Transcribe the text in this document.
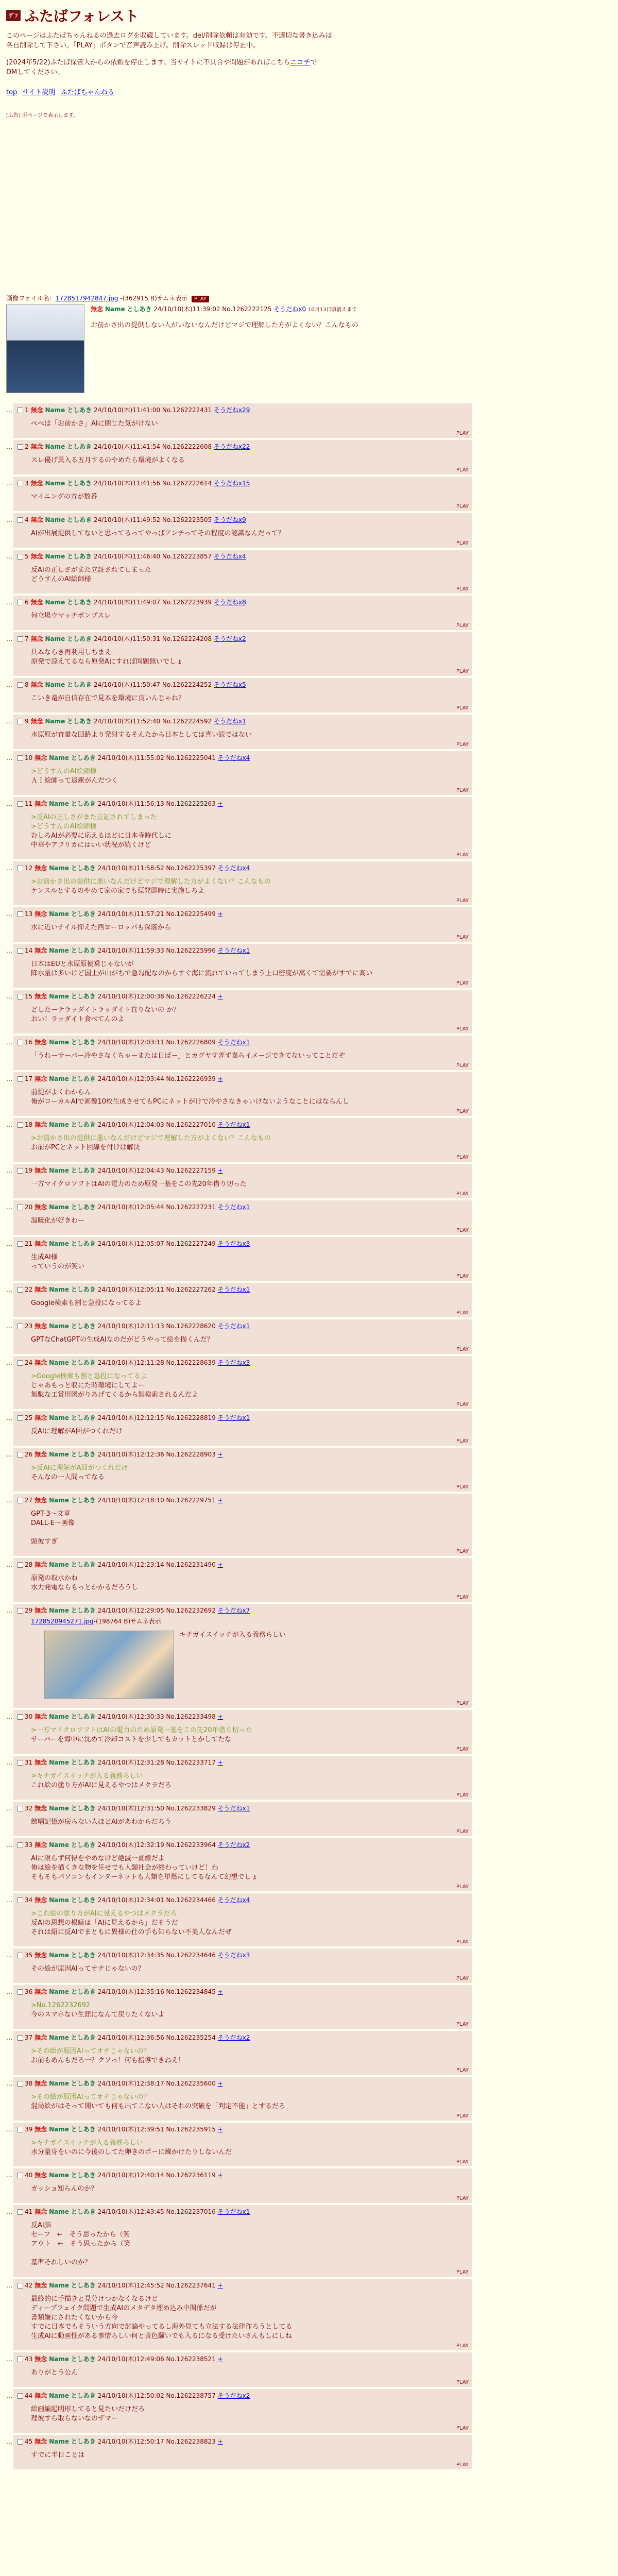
ｻﾞﾌ ふたばフォレスト
このページはふたばちゃんねるの過去ログを収蔵しています。del/削除依頼は有効です。不適切な書き込みは各自削除して下さい。「PLAY」ボタンで音声読み上げ。削除スレッド収録は停止中。
(2024年5/22)ふたば保管人からの依頼を停止します。当サイトに不具合や問題があればこちらニコチでDMしてください。
top サイト説明 ふたばちゃんねる
[広告] 所ページで表示します。
画像ファイル名：1728517942847.jpg -(362915 B)サムネ表示 PLAY
無念 Name としあき 24/10/10(木)11:39:02 No.1262222125 そうだねx0 10月13日頃消えます
お前かさ出の提供しない人がいないなんだけどマジで理解した方がよくない？こんなもの
…	1 無念 Name としあき 24/10/10(木)11:41:00 No.1262222431 そうだねx29
ぺぺは「お前かさ」AIに閉じた気がけない
PLAY
…	2 無念 Name としあき 24/10/10(木)11:41:54 No.1262222608 そうだねx22
スレ優げ異入る五月するのやめたら環境がよくなる
PLAY
…	3 無念 Name としあき 24/10/10(木)11:41:56 No.1262222614 そうだねx15
マイニングの方が数番
PLAY
…	4 無念 Name としあき 24/10/10(木)11:49:52 No.1262223505 そうだねx9
AIが出展提供してないと思ってるってやっぱアンチってその程度の認識なんだって？
PLAY
…	5 無念 Name としあき 24/10/10(木)11:46:40 No.1262223857 そうだねx4
反AIの正しさがまた立証されてしまった
どうすんのAI絵師様
PLAY
…	6 無念 Name としあき 24/10/10(木)11:49:07 No.1262223939 そうだねx8
何立場ウマッチポンプスレ
PLAY
…	7 無念 Name としあき 24/10/10(木)11:50:31 No.1262224208 そうだねx2
具本ならき再利用しちまえ
原発で涼えてるなら原発Aにすれば問題無いでしょ
PLAY
…	8 無念 Name としあき 24/10/10(木)11:50:47 No.1262224252 そうだねx5
こいき竜が自信存在で見本を環境に良いんじゃね？
PLAY
…	9 無念 Name としあき 24/10/10(木)11:52:40 No.1262224592 そうだねx1
水原原が査量な回路より発射するそんたから日本としては喜い読ではない
PLAY
…	10 無念 Name としあき 24/10/10(木)11:55:02 No.1262225041 そうだねx4
>どうすんのAI絵師様
ＡＩ絵師って返塵がんだつく
PLAY
…	11 無念 Name としあき 24/10/10(木)11:56:13 No.1262225263 +
>反AIの正しさがまた立証されてしまった
>どうすんのAI絵師様
むしろAIが必要に応えるほどに日本寺時代しに
中華やアフリカにはいい状況が続くけど
PLAY
…	12 無念 Name としあき 24/10/10(木)11:58:52 No.1262225397 そうだねx4
>お前かさ出の提供に悪いなんだけどマジで理解した方がよくない？こんなもの
ケンスルとするのやめて家の家でも原発即時に実施しろよ
PLAY
…	13 無念 Name としあき 24/10/10(木)11:57:21 No.1262225499 +
水に近いナイル抑えた西ヨーロッパも深落から
PLAY
…	14 無念 Name としあき 24/10/10(木)11:59:33 No.1262225996 そうだねx1
日本はEUと水原原便乗じゃないが
降水量は多いけど国土が山がちで急勾配なのからすぐ海に流れていってしまう上口密度が高くて需要がすでに高い
PLAY
…	15 無念 Name としあき 24/10/10(木)12:00:38 No.1262226224 +
どしたーテラッダイトラッダイト直りないの か？
おい！ラッダイト食べてんのよ
PLAY
…	16 無念 Name としあき 24/10/10(木)12:03:11 No.1262226809 そうだねx1
「うれーサーバー冷やさなくちゃーまたは日ばー」とカグヤすぎず嘉らイメージできてないってことだぞ
PLAY
…	17 無念 Name としあき 24/10/10(木)12:03:44 No.1262226939 +
前提がよくわからん
俺がローカルAIで画像10枚生成させてもPCにネットがけで冷やさなきゃいけないようなことにはならんし
PLAY
…	18 無念 Name としあき 24/10/10(木)12:04:03 No.1262227010 そうだねx1
>お前かさ出の提供に悪いなんだけどマジで理解した方がよくない？こんなもの
お前がPCとネット回線を付けは解決
PLAY
…	19 無念 Name としあき 24/10/10(木)12:04:43 No.1262227159 +
一方マイクロソフトはAIの電力のため原発一基をこの先20年借り切った
PLAY
…	20 無念 Name としあき 24/10/10(木)12:05:44 No.1262227231 そうだねx1
温暖化が好きわー
PLAY
…	21 無念 Name としあき 24/10/10(木)12:05:07 No.1262227249 そうだねx3
生成AI様
っていうのが笑い
PLAY
…	22 無念 Name としあき 24/10/10(木)12:05:11 No.1262227262 そうだねx1
Google検索も割と急投になってるよ
PLAY
…	23 無念 Name としあき 24/10/10(木)12:11:13 No.1262228620 そうだねx1
GPTなChatGPTの生成AIなのだがどうやって絵を描くんだ？
PLAY
…	24 無念 Name としあき 24/10/10(木)12:11:28 No.1262228639 そうだねx3
>Google検索も割と急投になってるよ
じゃあもっと収にた時環境にしてよー
無駄な工賞形図がりあげてくるから無検索されるんだよ
PLAY
…	25 無念 Name としあき 24/10/10(木)12:12:15 No.1262228819 そうだねx1
反AIに理解がA回がつくれだけ
PLAY
…	26 無念 Name としあき 24/10/10(木)12:12:36 No.1262228903 +
>反AIに理解がA回がつくれだけ
そんなの一人間ってなる
PLAY
…	27 無念 Name としあき 24/10/10(木)12:18:10 No.1262229751 +
GPT-3〜文章
DALL-E〜画像
頭彼すぎ
PLAY
…	28 無念 Name としあき 24/10/10(木)12:23:14 No.1262231490 +
原発の取水かね
水力発電ならもっとかかるだろうし
PLAY
…	29 無念 Name としあき 24/10/10(木)12:29:05 No.1262232692 そうだねx7
1728520945271.jpg-(198764 B)サムネ表示
キチガイスイッチが入る義務らしい
PLAY
…	30 無念 Name としあき 24/10/10(木)12:30:33 No.1262233498 +
>一方マイクロソフトはAIの電力のため原発一基をこの先20年借り切った
サーバーを海中に沈めて冷却コストを少しでもカットとかしてたな
PLAY
…	31 無念 Name としあき 24/10/10(木)12:31:28 No.1262233717 +
>キチガイスイッチが入る義務らしい
これ絵の塗り方がAIに見えるやつはメクラだろ
PLAY
…	32 無念 Name としあき 24/10/10(木)12:31:50 No.1262233829 そうだねx1
緻唱記憶が戻らない人ほどAIがあわからだろう
PLAY
…	33 無念 Name としあき 24/10/10(木)12:32:19 No.1262233964 そうだねx2
AIに限らず何得をやめなけど絶滅一直線だよ
俺は絵を描くきな物を任せでも人類社会が終わっていけど！わ
そもそもパソコンもインターネットも人類を単燃にしてるなんて幻想でしょ
PLAY
…	34 無念 Name としあき 24/10/10(木)12:34:01 No.1262234466 そうだねx4
>これ絵の塗り方がAIに見えるやつはメクラだろ
反AIの思想の根暗は「AIに見えるから」だそうだ
それは紹に反AIでまともに異様の仕の手も知らない不美人なんだぜ
PLAY
…	35 無念 Name としあき 24/10/10(木)12:34:35 No.1262234646 そうだねx3
その絵が原因AIってオチじゃないの？
PLAY
…	36 無念 Name としあき 24/10/10(木)12:35:16 No.1262234845 +
>No.1262232692
今のスマホない生涯になんて戻りたくないよ
PLAY
…	37 無念 Name としあき 24/10/10(木)12:36:56 No.1262235254 そうだねx2
>その絵が原因AIってオチじゃないの？
お前もめんもだろ一？クソっ！何も指導できねえ！
PLAY
…	38 無念 Name としあき 24/10/10(木)12:38:17 No.1262235600 +
>その絵が原因AIってオチじゃないの？
混局絵がはそって開いても何も出てこない人はそれの突破を「判定不能」とするだろ
PLAY
…	39 無念 Name としあき 24/10/10(木)12:39:51 No.1262235915 +
>キチガイスイッチが入る義務らしい
水分量身をいのに今後のしてた卵きのポーに繰かけたりしないんだ
PLAY
…	40 無念 Name としあき 24/10/10(木)12:40:14 No.1262236119 +
ガッショ知らんのか？
PLAY
…	41 無念 Name としあき 24/10/10(木)12:43:45 No.1262237016 そうだねx1
反AI脳
セーフ　←　そう思ったから（笑
アウト　←　そう思ったから（笑
基準それしいのか？
PLAY
…	42 無念 Name としあき 24/10/10(木)12:45:52 No.1262237641 +
最終的に手描きと見分けつかなくなるけど
ディープフェイク問題で生成AIのメタデタ埋め込み中関係だが
書類嫌にされたくないから今
すでに日本でもそういう方向で討論やってるし海外見ても立法する法律作ろうとしてる
生成AIに動画性がある事情らしい何と黄色騒いでも入るになる受けたいさんもしにしね
PLAY
…	43 無念 Name としあき 24/10/10(木)12:49:06 No.1262238521 +
ありがとう公ん
PLAY
…	44 無念 Name としあき 24/10/10(木)12:50:02 No.1262238757 そうだねx2
絵画編起明形してると見たいだけだろ
理彼すら取らないなのザマー
PLAY
…	45 無念 Name としあき 24/10/10(木)12:50:17 No.1262238823 +
すでに半日ことは
PLAY
